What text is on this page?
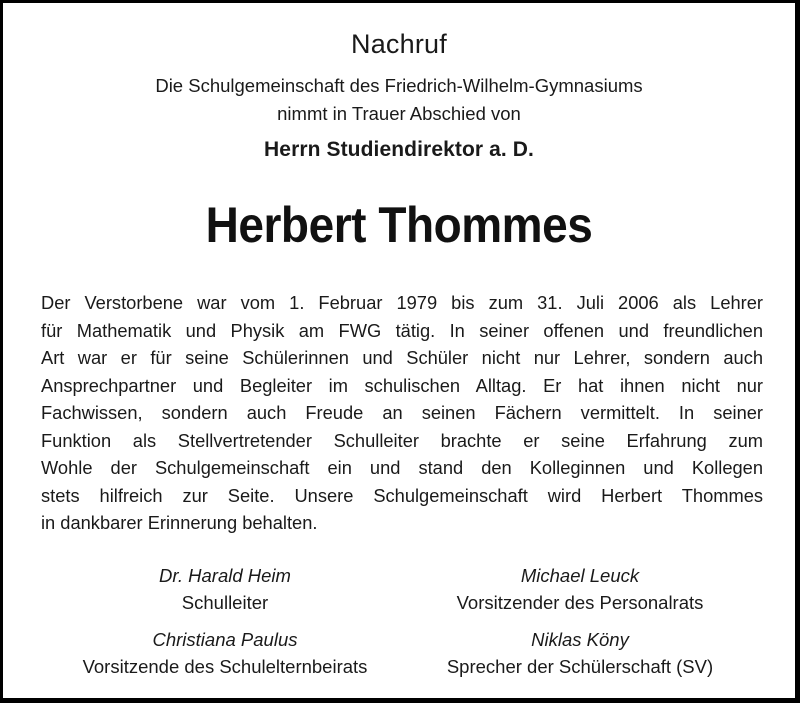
Nachruf
Die Schulgemeinschaft des Friedrich-Wilhelm-Gymnasiums
nimmt in Trauer Abschied von
Herrn Studiendirektor a. D.
Herbert Thommes
Der Verstorbene war vom 1. Februar 1979 bis zum 31. Juli 2006 als Lehrer
für Mathematik und Physik am FWG tätig. In seiner offenen und freundlichen
Art war er für seine Schülerinnen und Schüler nicht nur Lehrer, sondern auch
Ansprechpartner und Begleiter im schulischen Alltag. Er hat ihnen nicht nur
Fachwissen, sondern auch Freude an seinen Fächern vermittelt. In seiner
Funktion als Stellvertretender Schulleiter brachte er seine Erfahrung zum
Wohle der Schulgemeinschaft ein und stand den Kolleginnen und Kollegen
stets hilfreich zur Seite. Unsere Schulgemeinschaft wird Herbert Thommes
in dankbarer Erinnerung behalten.
Dr. Harald Heim
Schulleiter
Michael Leuck
Vorsitzender des Personalrats
Christiana Paulus
Vorsitzende des Schulelternbeirats
Niklas Köny
Sprecher der Schülerschaft (SV)
